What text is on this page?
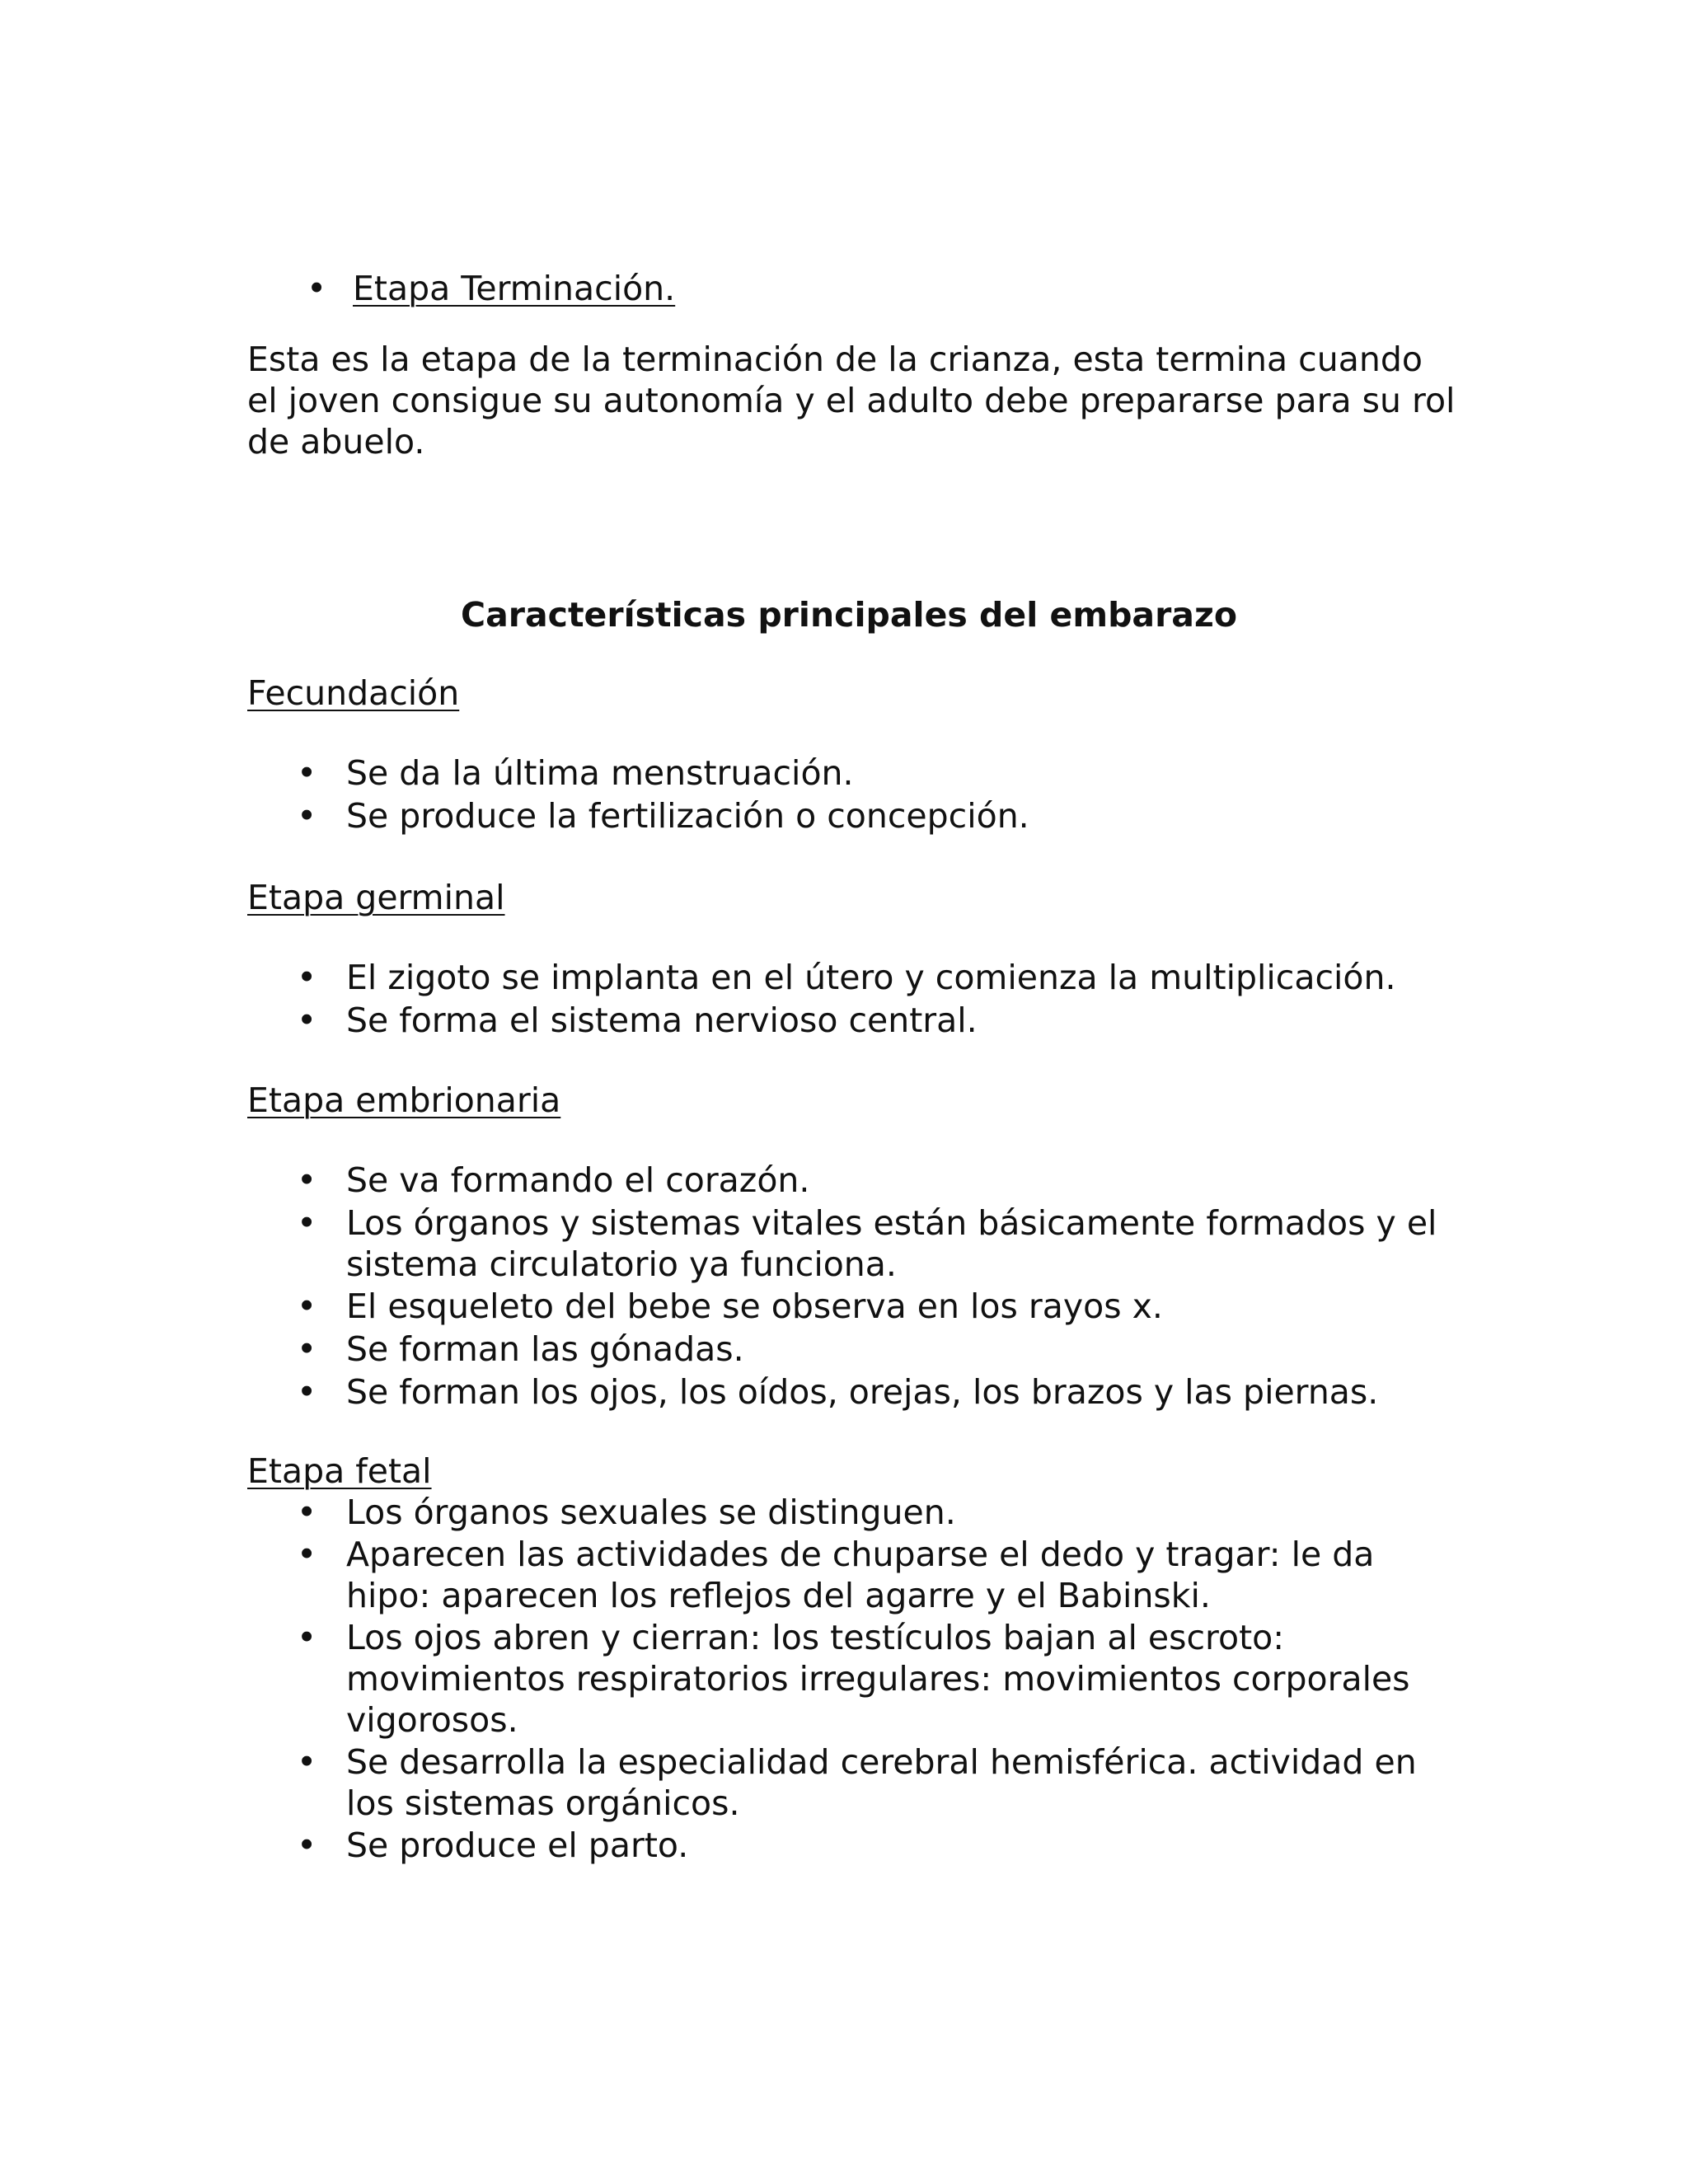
• Etapa Terminación.

Esta es la etapa de la terminación de la crianza, esta termina cuando el joven consigue su autonomía y el adulto debe prepararse para su rol de abuelo.

Características principales del embarazo

Fecundación

• Se da la última menstruación.
• Se produce la fertilización o concepción.

Etapa germinal

• El zigoto se implanta en el útero y comienza la multiplicación.
• Se forma el sistema nervioso central.

Etapa embrionaria

• Se va formando el corazón.
• Los órganos y sistemas vitales están básicamente formados y el sistema circulatorio ya funciona.
• El esqueleto del bebe se observa en los rayos x.
• Se forman las gónadas.
• Se forman los ojos, los oídos, orejas, los brazos y las piernas.

Etapa fetal

• Los órganos sexuales se distinguen.
• Aparecen las actividades de chuparse el dedo y tragar: le da hipo: aparecen los reflejos del agarre y el Babinski.
• Los ojos abren y cierran: los testículos bajan al escroto: movimientos respiratorios irregulares: movimientos corporales vigorosos.
• Se desarrolla la especialidad cerebral hemisférica. actividad en los sistemas orgánicos.
• Se produce el parto.
